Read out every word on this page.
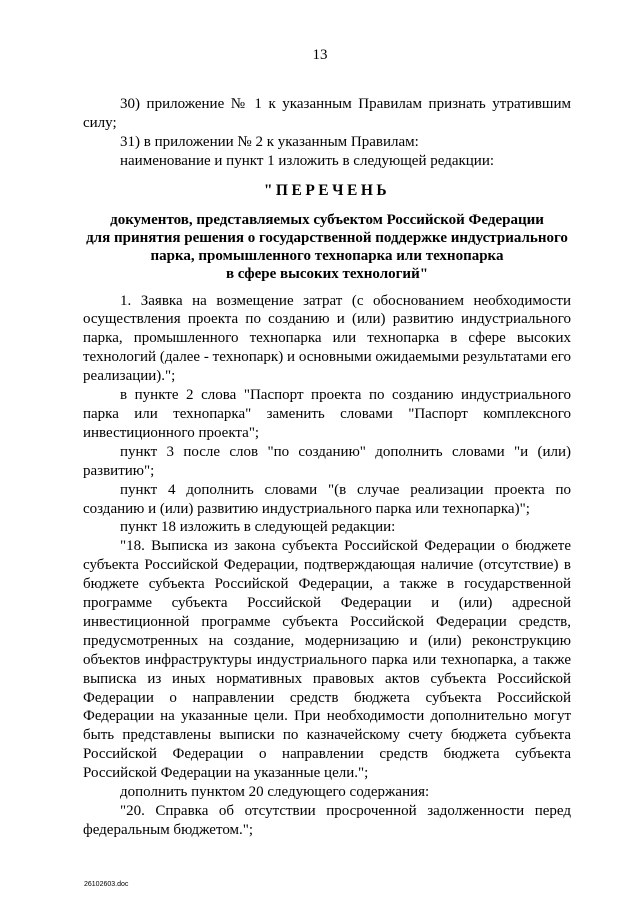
13

30) приложение № 1 к указанным Правилам признать утратившим силу;

31) в приложении № 2 к указанным Правилам:

наименование и пункт 1 изложить в следующей редакции:

"ПЕРЕЧЕНЬ

документов, представляемых субъектом Российской Федерации
для принятия решения о государственной поддержке индустриального
парка, промышленного технопарка или технопарка
в сфере высоких технологий"

1. Заявка на возмещение затрат (с обоснованием необходимости осуществления проекта по созданию и (или) развитию индустриального парка, промышленного технопарка или технопарка в сфере высоких технологий (далее - технопарк) и основными ожидаемыми результатами его реализации).";

в пункте 2 слова "Паспорт проекта по созданию индустриального парка или технопарка" заменить словами "Паспорт комплексного инвестиционного проекта";

пункт 3 после слов "по созданию" дополнить словами "и (или) развитию";

пункт 4 дополнить словами "(в случае реализации проекта по созданию и (или) развитию индустриального парка или технопарка)";

пункт 18 изложить в следующей редакции:

"18. Выписка из закона субъекта Российской Федерации о бюджете субъекта Российской Федерации, подтверждающая наличие (отсутствие) в бюджете субъекта Российской Федерации, а также в государственной программе субъекта Российской Федерации и (или) адресной инвестиционной программе субъекта Российской Федерации средств, предусмотренных на создание, модернизацию и (или) реконструкцию объектов инфраструктуры индустриального парка или технопарка, а также выписка из иных нормативных правовых актов субъекта Российской Федерации о направлении средств бюджета субъекта Российской Федерации на указанные цели. При необходимости дополнительно могут быть представлены выписки по казначейскому счету бюджета субъекта Российской Федерации о направлении средств бюджета субъекта Российской Федерации на указанные цели.";

дополнить пунктом 20 следующего содержания:

"20. Справка об отсутствии просроченной задолженности перед федеральным бюджетом.";

26102603.doc
